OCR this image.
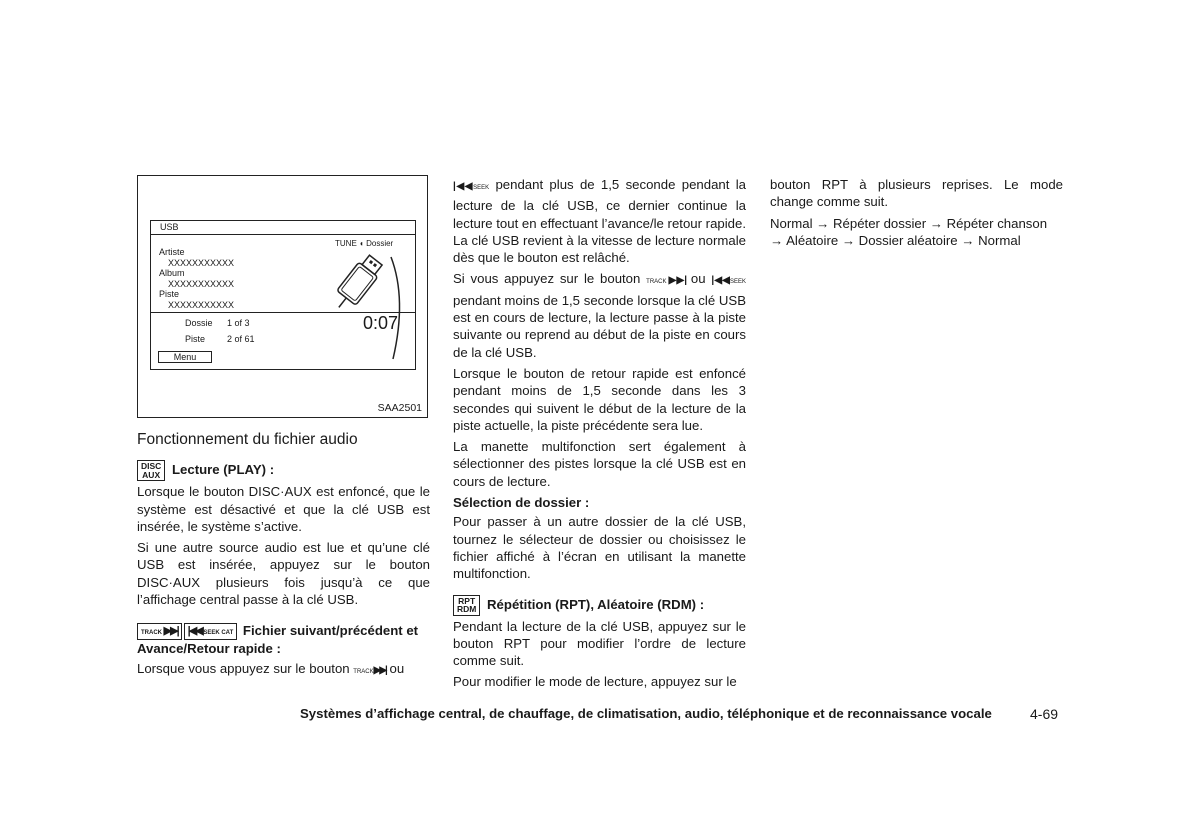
USB
Artiste
XXXXXXXXXXX
Album
XXXXXXXXXXX
Piste
XXXXXXXXXXX
TUNE ◖ Dossier
Dossie 1 of 3
Piste 2 of 61
0:07
Menu
SAA2501
Fonctionnement du fichier audio
DISC
AUX Lecture (PLAY) :

Lorsque le bouton DISC·AUX est enfoncé, que le système est désactivé et que la clé USB est insérée, le système s’active.

Si une autre source audio est lue et qu’une clé USB est insérée, appuyez sur le bouton DISC·AUX plusieurs fois jusqu’à ce que l’affichage central passe à la clé USB.

TRACK ▶▶| |◀◀ SEEK CAT Fichier suivant/précédent et Avance/Retour rapide :

Lorsque vous appuyez sur le bouton TRACK▶▶| ou

|◀◀SEEK pendant plus de 1,5 seconde pendant la lecture de la clé USB, ce dernier continue la lecture tout en effectuant l’avance/le retour rapide. La clé USB revient à la vitesse de lecture normale dès que le bouton est relâché.

Si vous appuyez sur le bouton TRACK▶▶| ou |◀◀SEEK pendant moins de 1,5 seconde lorsque la clé USB est en cours de lecture, la lecture passe à la piste suivante ou reprend au début de la piste en cours de la clé USB.

Lorsque le bouton de retour rapide est enfoncé pendant moins de 1,5 seconde dans les 3 secondes qui suivent le début de la lecture de la piste actuelle, la piste précédente sera lue.

La manette multifonction sert également à sélectionner des pistes lorsque la clé USB est en cours de lecture.

Sélection de dossier :

Pour passer à un autre dossier de la clé USB, tournez le sélecteur de dossier ou choisissez le fichier affiché à l’écran en utilisant la manette multifonction.

RPT
RDM Répétition (RPT), Aléatoire (RDM) :

Pendant la lecture de la clé USB, appuyez sur le bouton RPT pour modifier l’ordre de lecture comme suit.

Pour modifier le mode de lecture, appuyez sur le

bouton RPT à plusieurs reprises. Le mode change comme suit.

Normal → Répéter dossier → Répéter chanson → Aléatoire → Dossier aléatoire → Normal

Systèmes d’affichage central, de chauffage, de climatisation, audio, téléphonique et de reconnaissance vocale	4-69
